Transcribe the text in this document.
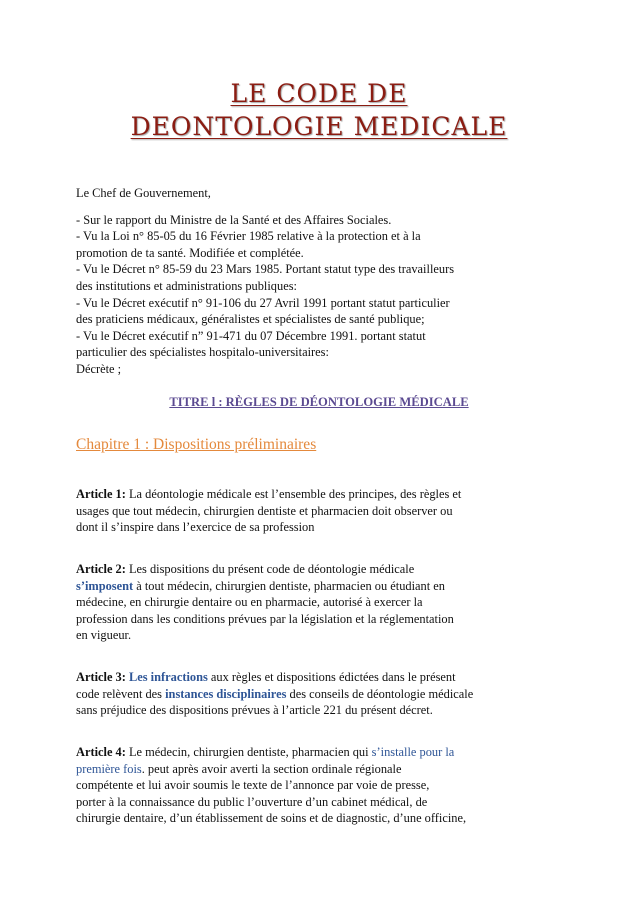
LE CODE DE
DEONTOLOGIE MEDICALE
Le Chef de Gouvernement,
- Sur le rapport du Ministre de la Santé et des Affaires Sociales.
- Vu la Loi n° 85-05 du 16 Février 1985 relative à la protection et à la
promotion de ta santé. Modifiée et complétée.
- Vu le Décret n° 85-59 du 23 Mars 1985. Portant statut type des travailleurs
des institutions et administrations publiques:
- Vu le Décret exécutif n° 91-106 du 27 Avril 1991 portant statut particulier
des praticiens médicaux, généralistes et spécialistes de santé publique;
- Vu le Décret exécutif n” 91-471 du 07 Décembre 1991. portant statut
particulier des spécialistes hospitalo-universitaires:
Décrète ;
TITRE l : RÈGLES DE DÉONTOLOGIE MÉDICALE
Chapitre 1 : Dispositions préliminaires
Article 1: La déontologie médicale est l’ensemble des principes, des règles et
usages que tout médecin, chirurgien dentiste et pharmacien doit observer ou
dont il s’inspire dans l’exercice de sa profession
Article 2: Les dispositions du présent code de déontologie médicale
s’imposent à tout médecin, chirurgien dentiste, pharmacien ou étudiant en
médecine, en chirurgie dentaire ou en pharmacie, autorisé à exercer la
profession dans les conditions prévues par la législation et la réglementation
en vigueur.
Article 3: Les infractions aux règles et dispositions édictées dans le présent
code relèvent des instances disciplinaires des conseils de déontologie médicale
sans préjudice des dispositions prévues à l’article 221 du présent décret.
Article 4: Le médecin, chirurgien dentiste, pharmacien qui s’installe pour la
première fois. peut après avoir averti la section ordinale régionale
compétente et lui avoir soumis le texte de l’annonce par voie de presse,
porter à la connaissance du public l’ouverture d’un cabinet médical, de
chirurgie dentaire, d’un établissement de soins et de diagnostic, d’une officine,
